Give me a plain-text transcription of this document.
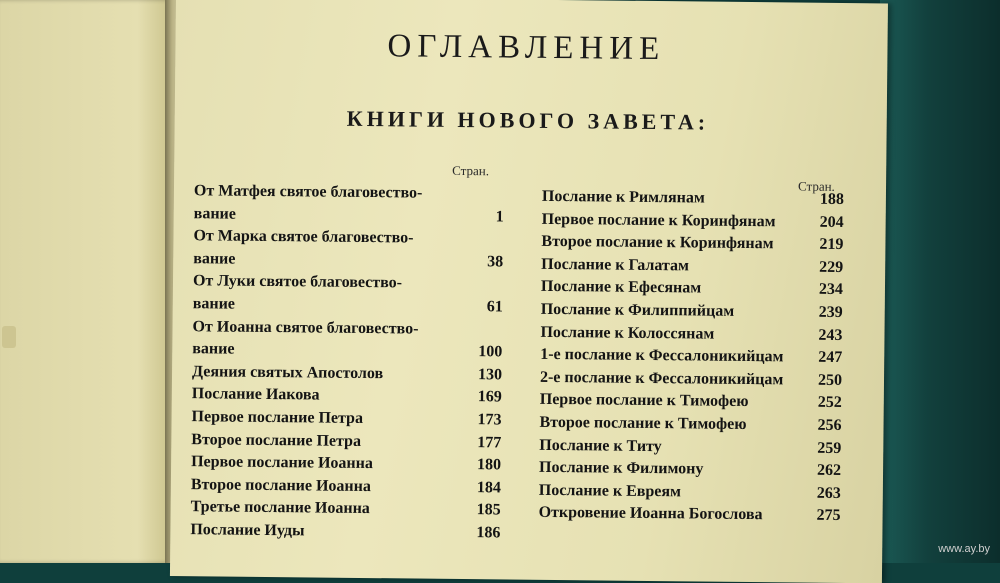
ОГЛАВЛЕНИЕ
КНИГИ НОВОГО ЗАВЕТА:
Стран.
От Матфея святое благовество-
вание	1
От Марка святое благовество-
вание	38
От Луки святое благовество-
вание	61
От Иоанна святое благовество-
вание	100
Деяния святых Апостолов	130
Послание Иакова	169
Первое послание Петра	173
Второе послание Петра	177
Первое послание Иоанна	180
Второе послание Иоанна	184
Третье послание Иоанна	185
Послание Иуды	186
Стран.
Послание к Римлянам	188
Первое послание к Коринфянам	204
Второе послание к Коринфянам	219
Послание к Галатам	229
Послание к Ефесянам	234
Послание к Филиппийцам	239
Послание к Колоссянам	243
1-е послание к Фессалоникийцам	247
2-е послание к Фессалоникийцам	250
Первое послание к Тимофею	252
Второе послание к Тимофею	256
Послание к Титу	259
Послание к Филимону	262
Послание к Евреям	263
Откровение Иоанна Богослова	275
www.ay.by
